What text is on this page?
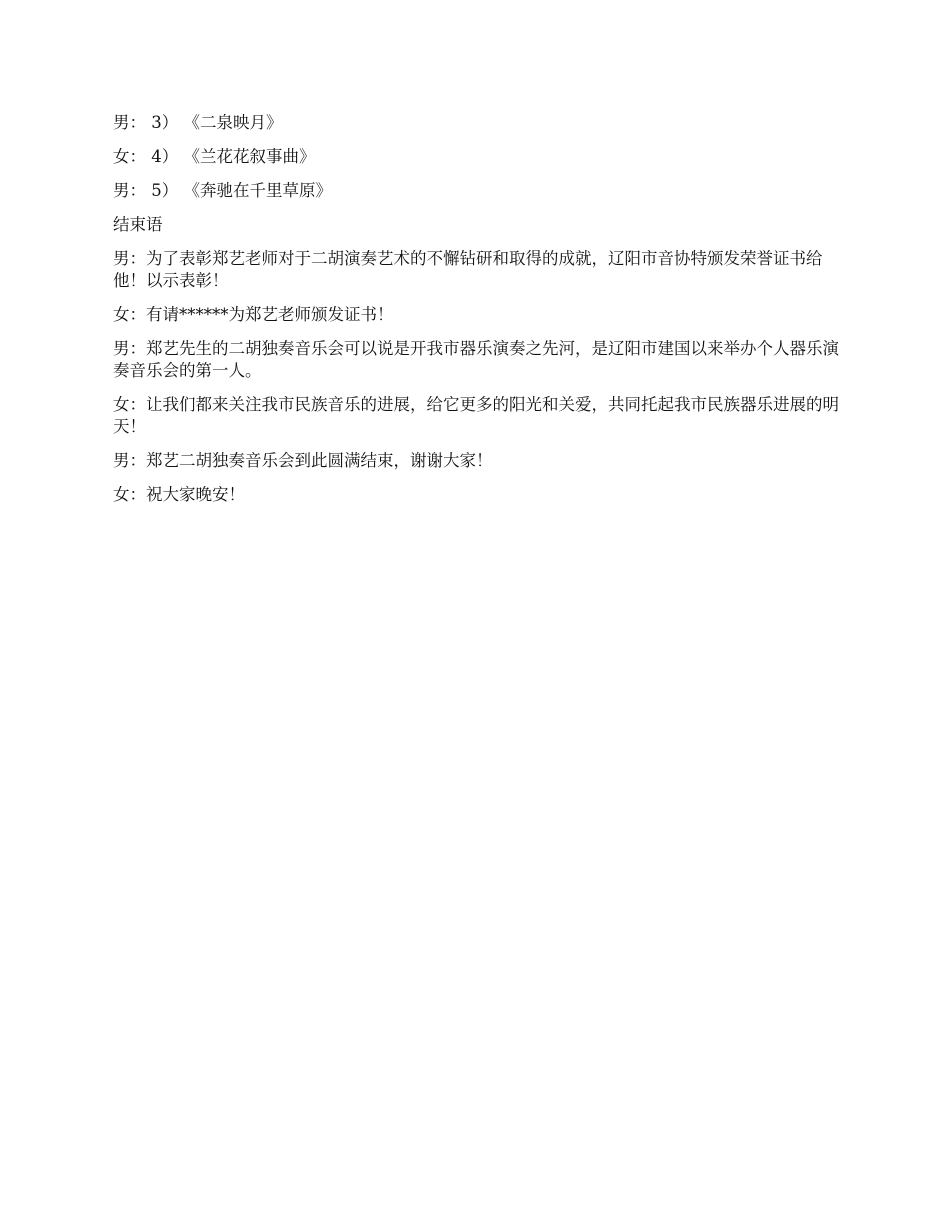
男： 3） 《二泉映月》

女： 4） 《兰花花叙事曲》

男： 5） 《奔驰在千里草原》

结束语

男：为了表彰郑艺老师对于二胡演奏艺术的不懈钻研和取得的成就，辽阳市音协特颁发荣誉证书给他！以示表彰！

女：有请******为郑艺老师颁发证书！

男：郑艺先生的二胡独奏音乐会可以说是开我市器乐演奏之先河，是辽阳市建国以来举办个人器乐演奏音乐会的第一人。

女：让我们都来关注我市民族音乐的进展，给它更多的阳光和关爱，共同托起我市民族器乐进展的明天！

男：郑艺二胡独奏音乐会到此圆满结束，谢谢大家！

女：祝大家晚安！
